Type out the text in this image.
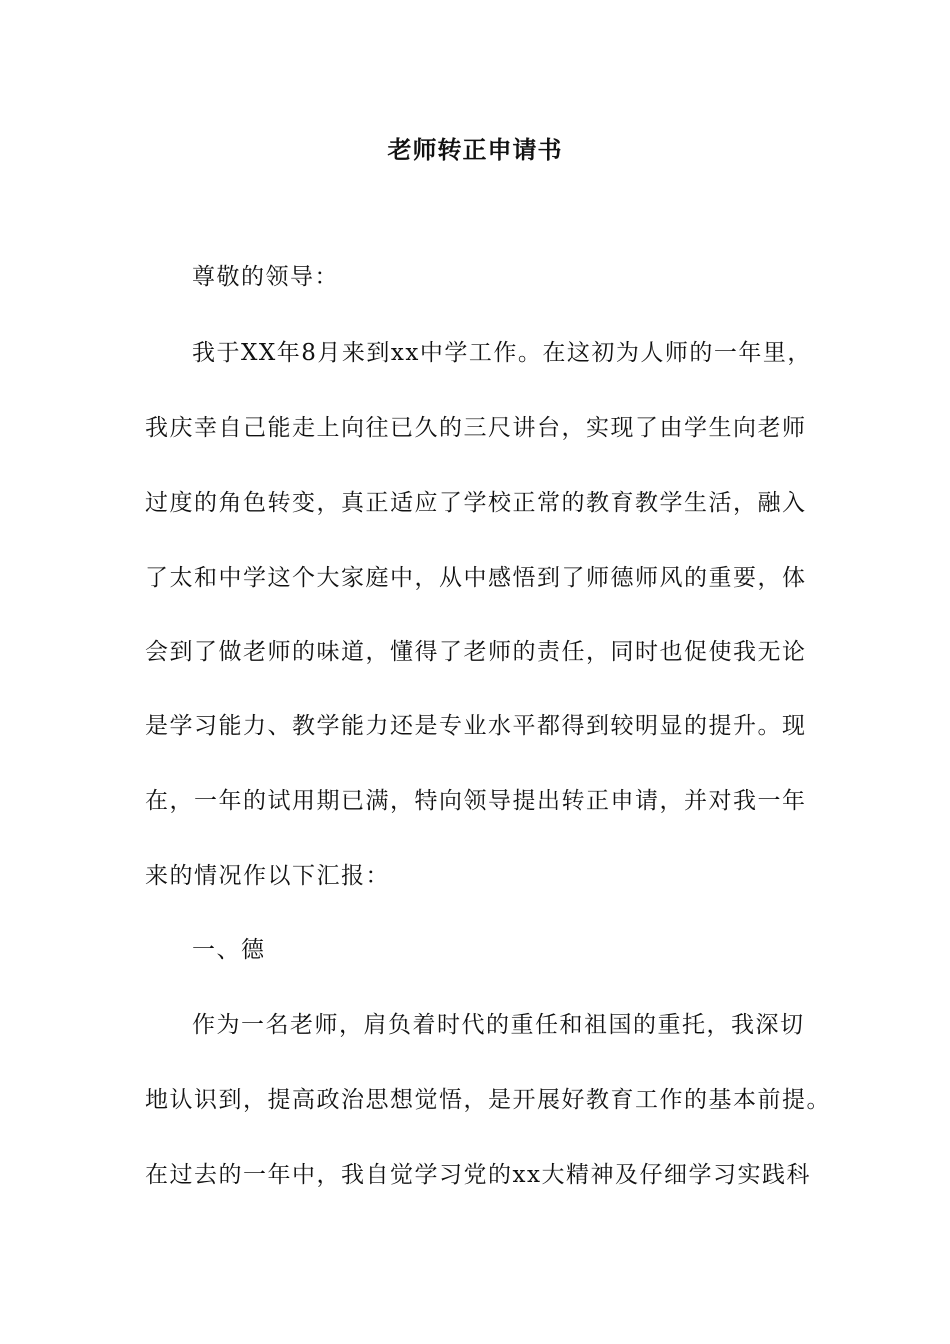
老师转正申请书
尊敬的领导：
我于XX年8月来到xx中学工作。在这初为人师的一年里，
我庆幸自己能走上向往已久的三尺讲台，实现了由学生向老师
过度的角色转变，真正适应了学校正常的教育教学生活，融入
了太和中学这个大家庭中，从中感悟到了师德师风的重要，体
会到了做老师的味道，懂得了老师的责任，同时也促使我无论
是学习能力、教学能力还是专业水平都得到较明显的提升。现
在，一年的试用期已满，特向领导提出转正申请，并对我一年
来的情况作以下汇报：
一、德
作为一名老师，肩负着时代的重任和祖国的重托，我深切
地认识到，提高政治思想觉悟，是开展好教育工作的基本前提。
在过去的一年中，我自觉学习党的xx大精神及仔细学习实践科
